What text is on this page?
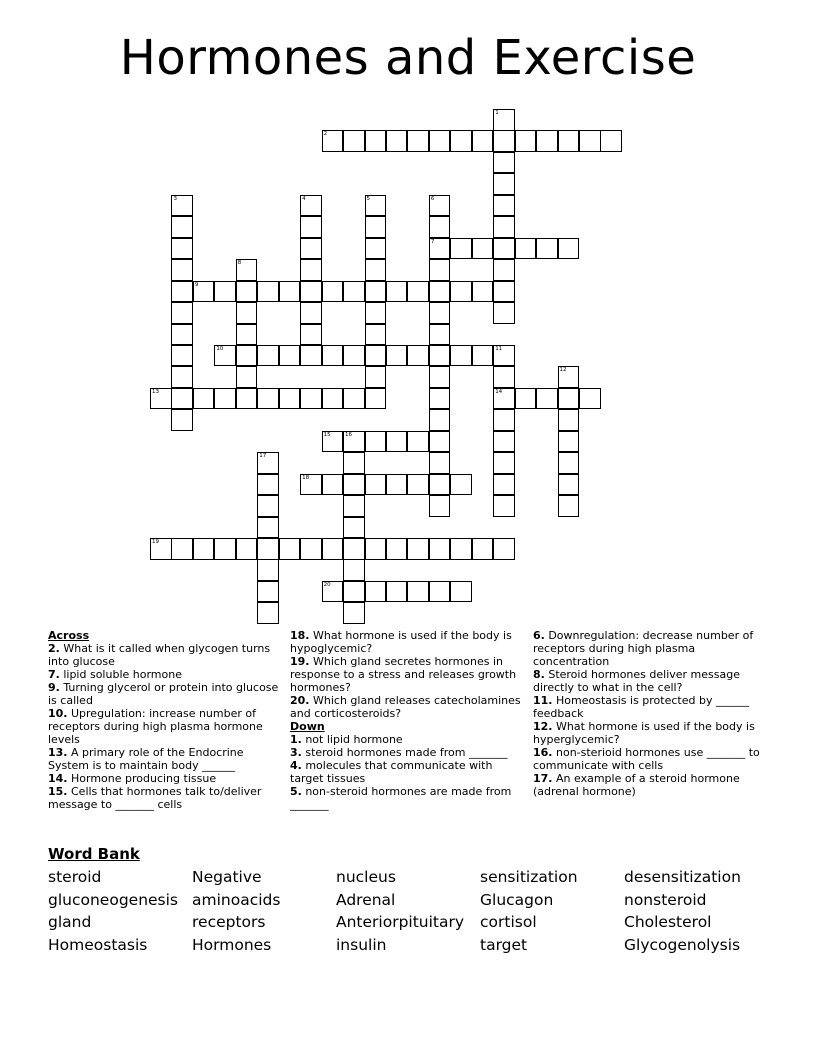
Hormones and Exercise
1
2
3	4	5	6
7
8
9
10	11
14
12
13
15	16
17
18
19
20
Across
2. What is it called when glycogen turns into glucose
7. lipid soluble hormone
9. Turning glycerol or protein into glucose is called
10. Upregulation: increase number of receptors during high plasma hormone levels
13. A primary role of the Endocrine System is to maintain body ______
14. Hormone producing tissue
15. Cells that hormones talk to/deliver message to _______ cells
18. What hormone is used if the body is hypoglycemic?
19. Which gland secretes hormones in response to a stress and releases growth hormones?
20. Which gland releases catecholamines and corticosteroids?
Down
1. not lipid hormone
3. steroid hormones made from _______
4. molecules that communicate with target tissues
5. non-steroid hormones are made from _______
6. Downregulation: decrease number of receptors during high plasma concentration
8. Steroid hormones deliver message directly to what in the cell?
11. Homeostasis is protected by ______ feedback
12. What hormone is used if the body is hyperglycemic?
16. non-sterioid hormones use _______ to communicate with cells
17. An example of a steroid hormone (adrenal hormone)
Word Bank
steroid	Negative	nucleus	sensitization	desensitization
gluconeogenesis aminoacids	Adrenal	Glucagon	nonsteroid
gland	receptors	Anteriorpituitary cortisol	Cholesterol
Homeostasis	Hormones	insulin	target	Glycogenolysis
